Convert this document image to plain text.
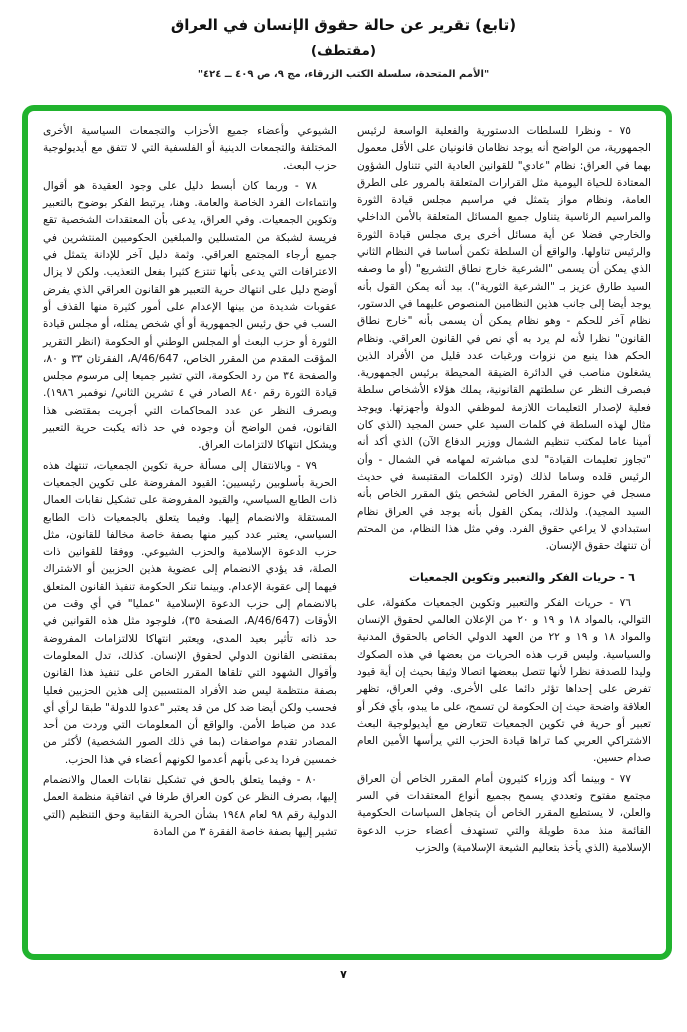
(تابع) تقرير عن حالة حقوق الإنسان في العراق
(مقتطف)
"الأمم المتحدة، سلسلة الكتب الزرقاء، مج ٩، ص ٤٠٩ ــ ٤٢٤"

٧٥ - ونظرا للسلطات الدستورية والفعلية الواسعة لرئيس الجمهورية، من الواضح أنه يوجد نظامان قانونيان على الأقل معمول بهما في العراق: نظام "عادي" للقوانين العادية التي تتناول الشؤون المعتادة للحياة اليومية مثل القرارات المتعلقة بالمرور على الطرق العامة، ونظام مواز يتمثل في مراسيم مجلس قيادة الثورة والمراسيم الرئاسية يتناول جميع المسائل المتعلقة بالأمن الداخلي والخارجي فضلا عن أية مسائل أخرى يرى مجلس قيادة الثورة والرئيس تناولها. والواقع أن السلطة تكمن أساسا في النظام الثاني الذي يمكن أن يسمى "الشرعية خارج نطاق التشريع" (أو ما وصفه السيد طارق عزيز بـ "الشرعية الثورية"). بيد أنه يمكن القول بأنه يوجد أيضا إلى جانب هذين النظامين المنصوص عليهما في الدستور، نظام آخر للحكم - وهو نظام يمكن أن يسمى بأنه "خارج نطاق القانون" نظرا لأنه لم يرد به أي نص في القانون العراقي. ونظام الحكم هذا ينبع من نزوات ورغبات عدد قليل من الأفراد الذين يشغلون مناصب في الدائرة الضيقة المحيطة برئيس الجمهورية. فبصرف النظر عن سلطتهم القانونية، يملك هؤلاء الأشخاص سلطة فعلية لإصدار التعليمات اللازمة لموظفي الدولة وأجهزتها. ويوجد مثال لهذه السلطة في كلمات السيد علي حسن المجيد (الذي كان أمينا عاما لمكتب تنظيم الشمال ووزير الدفاع الآن) الذي أكد أنه "تجاوز تعليمات القيادة" لدى مباشرته لمهامه في الشمال - وأن الرئيس قلده وساما لذلك (وترد الكلمات المقتبسة في حديث مسجل في حوزة المقرر الخاص لشخص يثق المقرر الخاص بأنه السيد المجيد). ولذلك، يمكن القول بأنه يوجد في العراق نظام استبدادي لا يراعي حقوق الفرد. وفي مثل هذا النظام، من المحتم أن تنتهك حقوق الإنسان.

٦ - حريات الفكر والتعبير وتكوين الجمعيات

٧٦ - حريات الفكر والتعبير وتكوين الجمعيات مكفولة، على التوالي، بالمواد ١٨ و ١٩ و ٢٠ من الإعلان العالمي لحقوق الإنسان والمواد ١٨ و ١٩ و ٢٢ من العهد الدولي الخاص بالحقوق المدنية والسياسية. وليس قرب هذه الحريات من بعضها في هذه الصكوك وليدا للصدفة نظرا لأنها تتصل ببعضها اتصالا وثيقا بحيث إن أية قيود تفرض على إحداها تؤثر دائما على الأخرى. وفي العراق، تظهر العلاقة واضحة حيث إن الحكومة لن تسمح، على ما يبدو، بأي فكر أو تعبير أو حرية في تكوين الجمعيات تتعارض مع أيديولوجية البعث الاشتراكي العربي كما تراها قيادة الحزب التي يرأسها الأمين العام صدام حسين.

٧٧ - وبينما أكد وزراء كثيرون أمام المقرر الخاص أن العراق مجتمع مفتوح وتعددي يسمح بجميع أنواع المعتقدات في السر والعلن، لا يستطيع المقرر الخاص أن يتجاهل السياسات الحكومية القائمة منذ مدة طويلة والتي تستهدف أعضاء حزب الدعوة الإسلامية (الذي يأخذ بتعاليم الشيعة الإسلامية) والحزب

الشيوعي وأعضاء جميع الأحزاب والتجمعات السياسية الأخرى المختلفة والتجمعات الدينية أو الفلسفية التي لا تتفق مع أيديولوجية حزب البعث.

٧٨ - وربما كان أبسط دليل على وجود العقيدة هو أقوال وانتماءات الفرد الخاصة والعامة. وهنا، يرتبط الفكر بوضوح بالتعبير وتكوين الجمعيات. وفي العراق، يدعى بأن المعتقدات الشخصية تقع فريسة لشبكة من المتسللين والمبلغين الحكوميين المنتشرين في جميع أرجاء المجتمع العراقي. وثمة دليل آخر للإدانة يتمثل في الاعترافات التي يدعى بأنها تنتزع كثيرا بفعل التعذيب. ولكن لا يزال أوضح دليل على انتهاك حرية التعبير هو القانون العراقي الذي يفرض عقوبات شديدة من بينها الإعدام على أمور كثيرة منها القذف أو السب في حق رئيس الجمهورية أو أي شخص يمثله، أو مجلس قيادة الثورة أو حزب البعث أو المجلس الوطني أو الحكومة (انظر التقرير المؤقت المقدم من المقرر الخاص، A/46/647، الفقرتان ٣٣ و ٨٠، والصفحة ٣٤ من رد الحكومة، التي تشير جميعا إلى مرسوم مجلس قيادة الثورة رقم ٨٤٠ الصادر في ٤ تشرين الثاني/ نوفمبر ١٩٨٦). وبصرف النظر عن عدد المحاكمات التي أجريت بمقتضى هذا القانون، فمن الواضح أن وجوده في حد ذاته يكبت حرية التعبير ويشكل انتهاكا لالتزامات العراق.

٧٩ - وبالانتقال إلى مسألة حرية تكوين الجمعيات، تنتهك هذه الحرية بأسلوبين رئيسيين: القيود المفروضة على تكوين الجمعيات ذات الطابع السياسي، والقيود المفروضة على تشكيل نقابات العمال المستقلة والانضمام إليها. وفيما يتعلق بالجمعيات ذات الطابع السياسي، يعتبر عدد كبير منها بصفة خاصة مخالفا للقانون، مثل حزب الدعوة الإسلامية والحزب الشيوعي. ووفقا للقوانين ذات الصلة، قد يؤدي الانضمام إلى عضوية هذين الحزبين أو الاشتراك فيهما إلى عقوبة الإعدام. وبينما تنكر الحكومة تنفيذ القانون المتعلق بالانضمام إلى حزب الدعوة الإسلامية "عمليا" في أي وقت من الأوقات (A/46/647، الصفحة ٣٥)، فلوجود مثل هذه القوانين في حد ذاته تأثير بعيد المدى، ويعتبر انتهاكا للالتزامات المفروضة بمقتضى القانون الدولي لحقوق الإنسان. كذلك، تدل المعلومات وأقوال الشهود التي تلقاها المقرر الخاص على تنفيذ هذا القانون بصفة منتظمة ليس ضد الأفراد المنتسبين إلى هذين الحزبين فعليا فحسب ولكن أيضا ضد كل من قد يعتبر "عدوا للدولة" طبقا لرأي أي عدد من ضباط الأمن. والواقع أن المعلومات التي وردت من أحد المصادر تقدم مواصفات (بما في ذلك الصور الشخصية) لأكثر من خمسين فردا يدعى بأنهم أعدموا لكونهم أعضاء في هذا الحزب.

٨٠ - وفيما يتعلق بالحق في تشكيل نقابات العمال والانضمام إليها، بصرف النظر عن كون العراق طرفا في اتفاقية منظمة العمل الدولية رقم ٩٨ لعام ١٩٤٨ بشأن الحرية النقابية وحق التنظيم (التي تشير إليها بصفة خاصة الفقرة ٣ من المادة

٧
